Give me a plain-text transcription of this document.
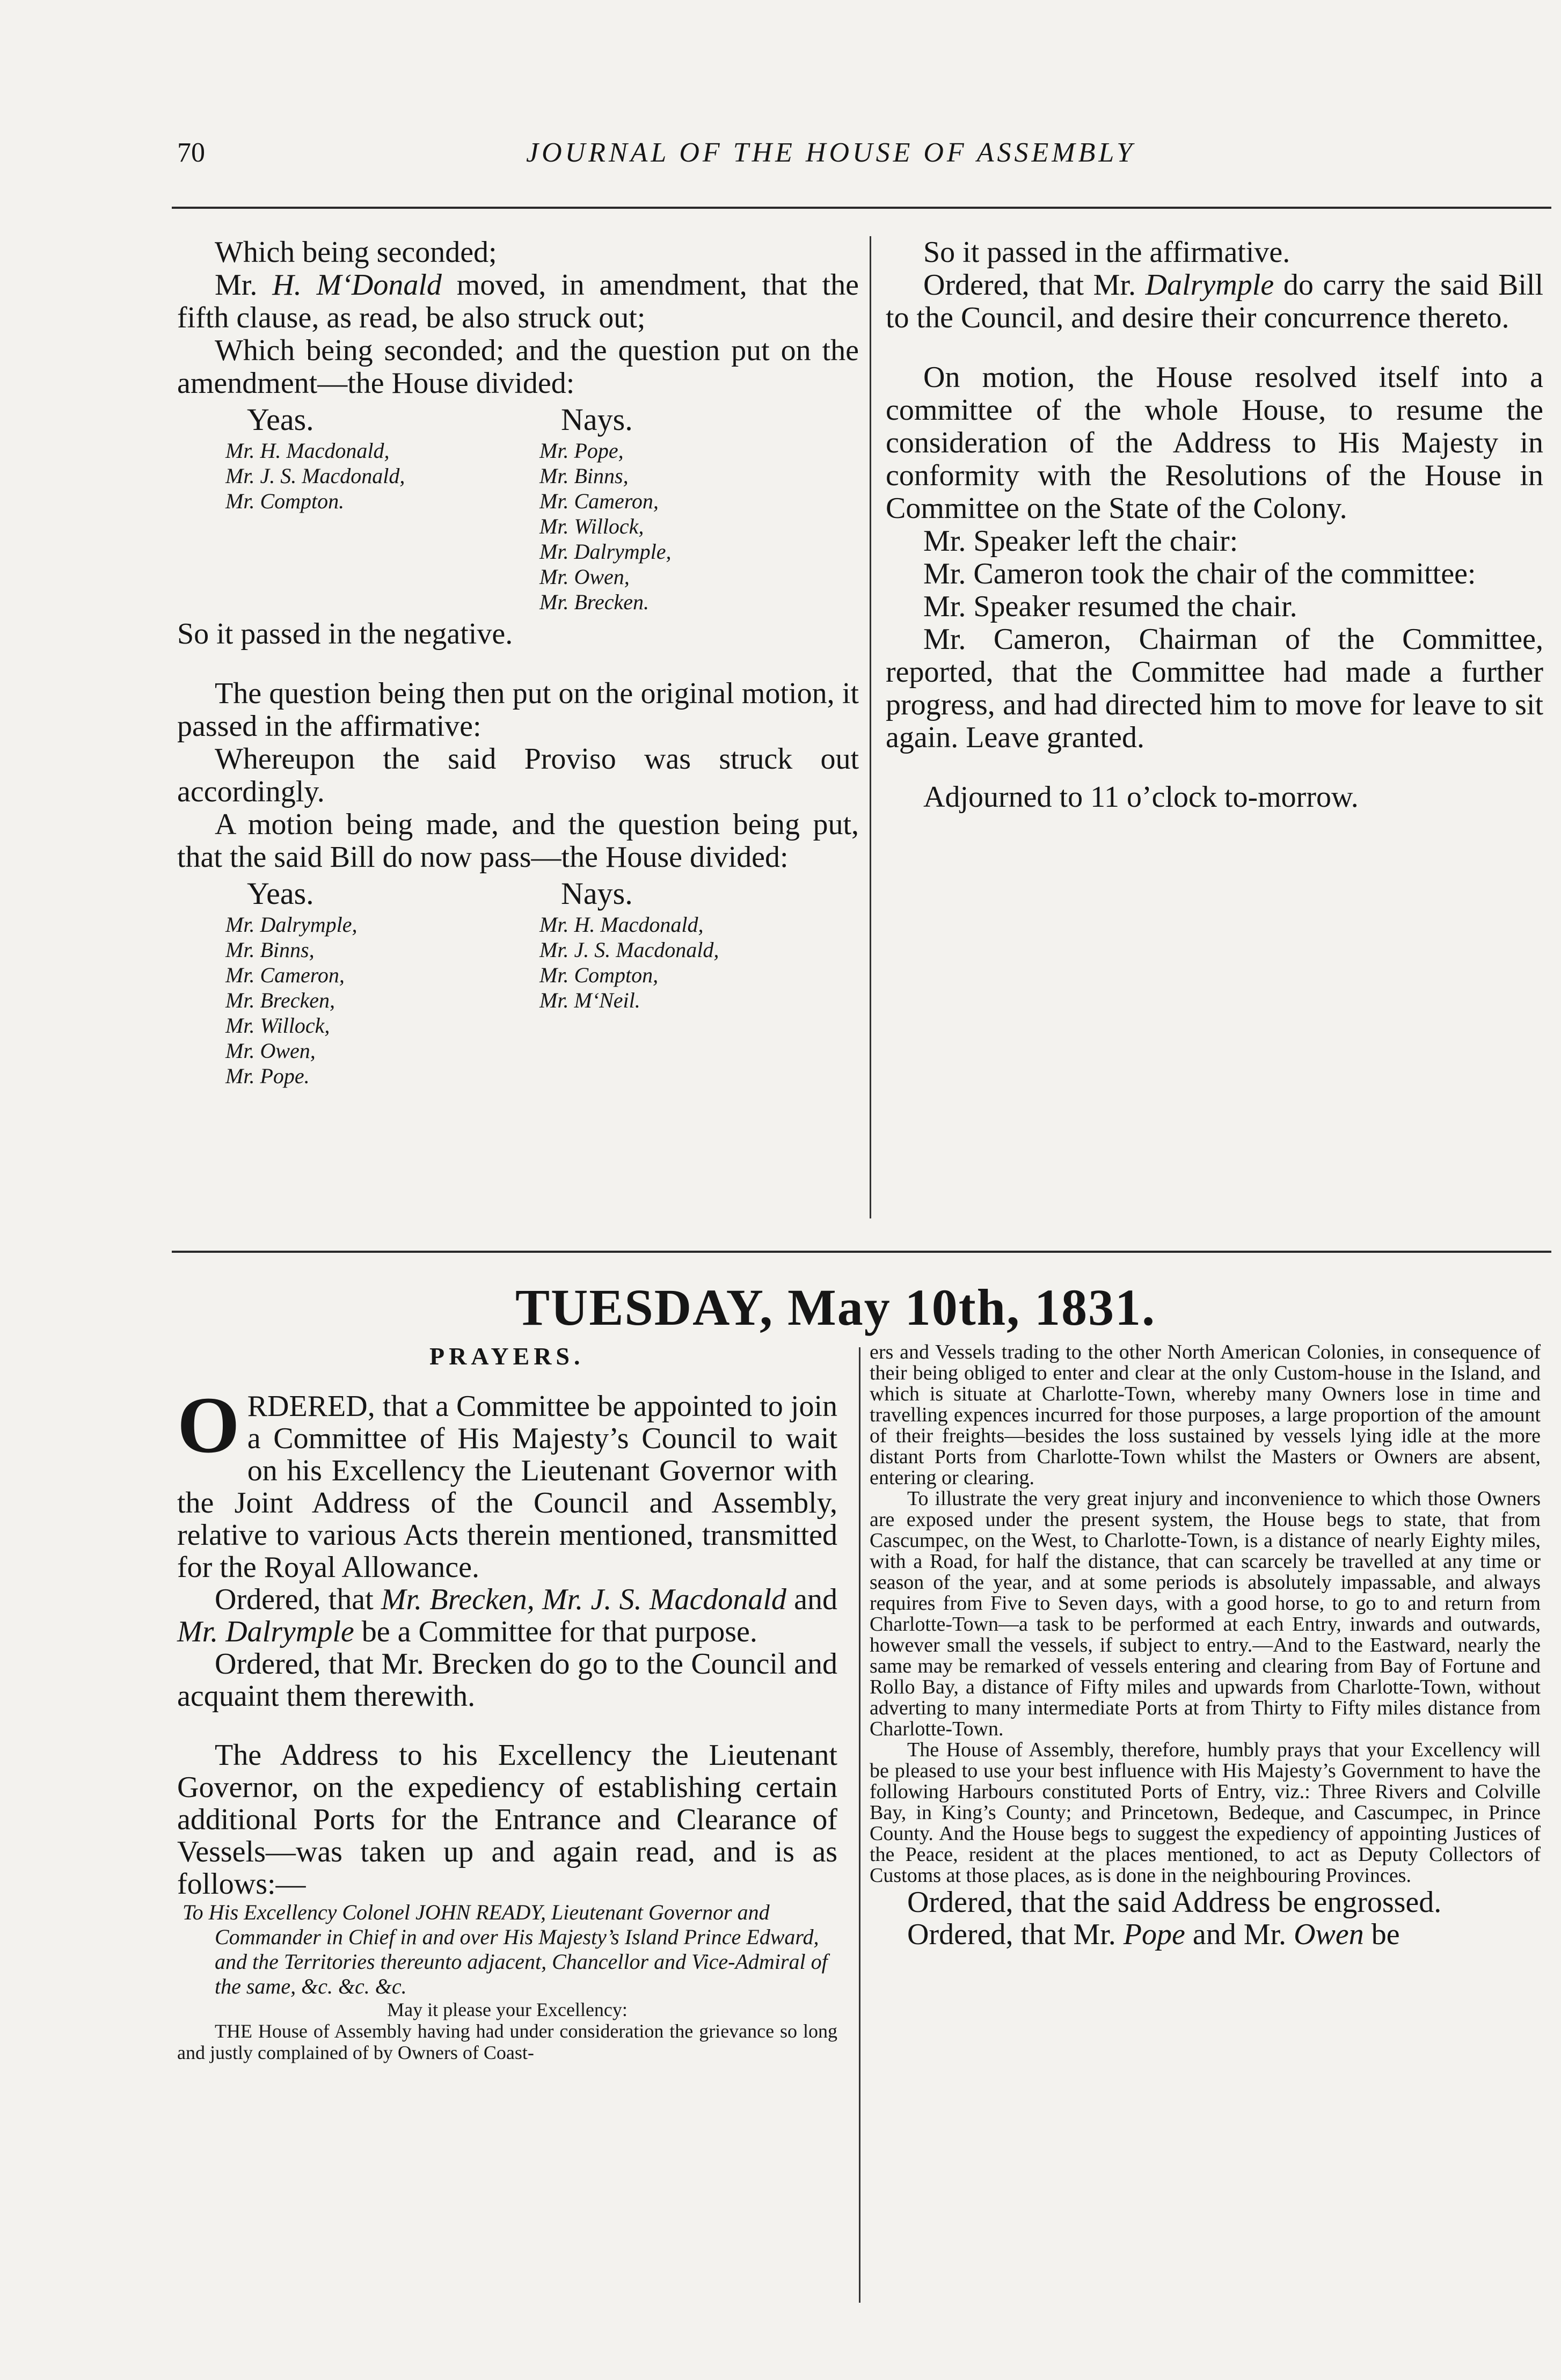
70	JOURNAL OF THE HOUSE OF ASSEMBLY

Which being seconded;

Mr. H. M‘Donald moved, in amendment, that the fifth clause, as read, be also struck out;

Which being seconded; and the question put on the amendment—the House divided:

Yeas.
Mr. H. Macdonald,
Mr. J. S. Macdonald,
Mr. Compton.
Nays.
Mr. Pope,
Mr. Binns,
Mr. Cameron,
Mr. Willock,
Mr. Dalrymple,
Mr. Owen,
Mr. Brecken.

So it passed in the negative.

The question being then put on the original motion, it passed in the affirmative:

Whereupon the said Proviso was struck out accordingly.

A motion being made, and the question being put, that the said Bill do now pass—the House divided:

Yeas.
Mr. Dalrymple,
Mr. Binns,
Mr. Cameron,
Mr. Brecken,
Mr. Willock,
Mr. Owen,
Mr. Pope.
Nays.
Mr. H. Macdonald,
Mr. J. S. Macdonald,
Mr. Compton,
Mr. M‘Neil.

So it passed in the affirmative.

Ordered, that Mr. Dalrymple do carry the said Bill to the Council, and desire their concurrence thereto.

On motion, the House resolved itself into a committee of the whole House, to resume the consideration of the Address to His Majesty in conformity with the Resolutions of the House in Committee on the State of the Colony.

Mr. Speaker left the chair:

Mr. Cameron took the chair of the committee:

Mr. Speaker resumed the chair.

Mr. Cameron, Chairman of the Committee, reported, that the Committee had made a further progress, and had directed him to move for leave to sit again. Leave granted.

Adjourned to 11 o’clock to-morrow.

TUESDAY, May 10th, 1831.
PRAYERS.

ORDERED, that a Committee be appointed to join a Committee of His Majesty’s Council to wait on his Excellency the Lieutenant Governor with the Joint Address of the Council and Assembly, relative to various Acts therein mentioned, transmitted for the Royal Allowance.

Ordered, that Mr. Brecken, Mr. J. S. Macdonald and Mr. Dalrymple be a Committee for that purpose.

Ordered, that Mr. Brecken do go to the Council and acquaint them therewith.

The Address to his Excellency the Lieutenant Governor, on the expediency of establishing certain additional Ports for the Entrance and Clearance of Vessels—was taken up and again read, and is as follows:—

To His Excellency Colonel JOHN READY, Lieutenant Governor and Commander in Chief in and over His Majesty’s Island Prince Edward, and the Territories thereunto adjacent, Chancellor and Vice-Admiral of the same, &c. &c. &c.

May it please your Excellency:

THE House of Assembly having had under consideration the grievance so long and justly complained of by Owners of Coast-

ers and Vessels trading to the other North American Colonies, in consequence of their being obliged to enter and clear at the only Custom-house in the Island, and which is situate at Charlotte-Town, whereby many Owners lose in time and travelling expences incurred for those purposes, a large proportion of the amount of their freights—besides the loss sustained by vessels lying idle at the more distant Ports from Charlotte-Town whilst the Masters or Owners are absent, entering or clearing.

To illustrate the very great injury and inconvenience to which those Owners are exposed under the present system, the House begs to state, that from Cascumpec, on the West, to Charlotte-Town, is a distance of nearly Eighty miles, with a Road, for half the distance, that can scarcely be travelled at any time or season of the year, and at some periods is absolutely impassable, and always requires from Five to Seven days, with a good horse, to go to and return from Charlotte-Town—a task to be performed at each Entry, inwards and outwards, however small the vessels, if subject to entry.—And to the Eastward, nearly the same may be remarked of vessels entering and clearing from Bay of Fortune and Rollo Bay, a distance of Fifty miles and upwards from Charlotte-Town, without adverting to many intermediate Ports at from Thirty to Fifty miles distance from Charlotte-Town.

The House of Assembly, therefore, humbly prays that your Excellency will be pleased to use your best influence with His Majesty’s Government to have the following Harbours constituted Ports of Entry, viz.: Three Rivers and Colville Bay, in King’s County; and Princetown, Bedeque, and Cascumpec, in Prince County. And the House begs to suggest the expediency of appointing Justices of the Peace, resident at the places mentioned, to act as Deputy Collectors of Customs at those places, as is done in the neighbouring Provinces.

Ordered, that the said Address be engrossed.

Ordered, that Mr. Pope and Mr. Owen be
